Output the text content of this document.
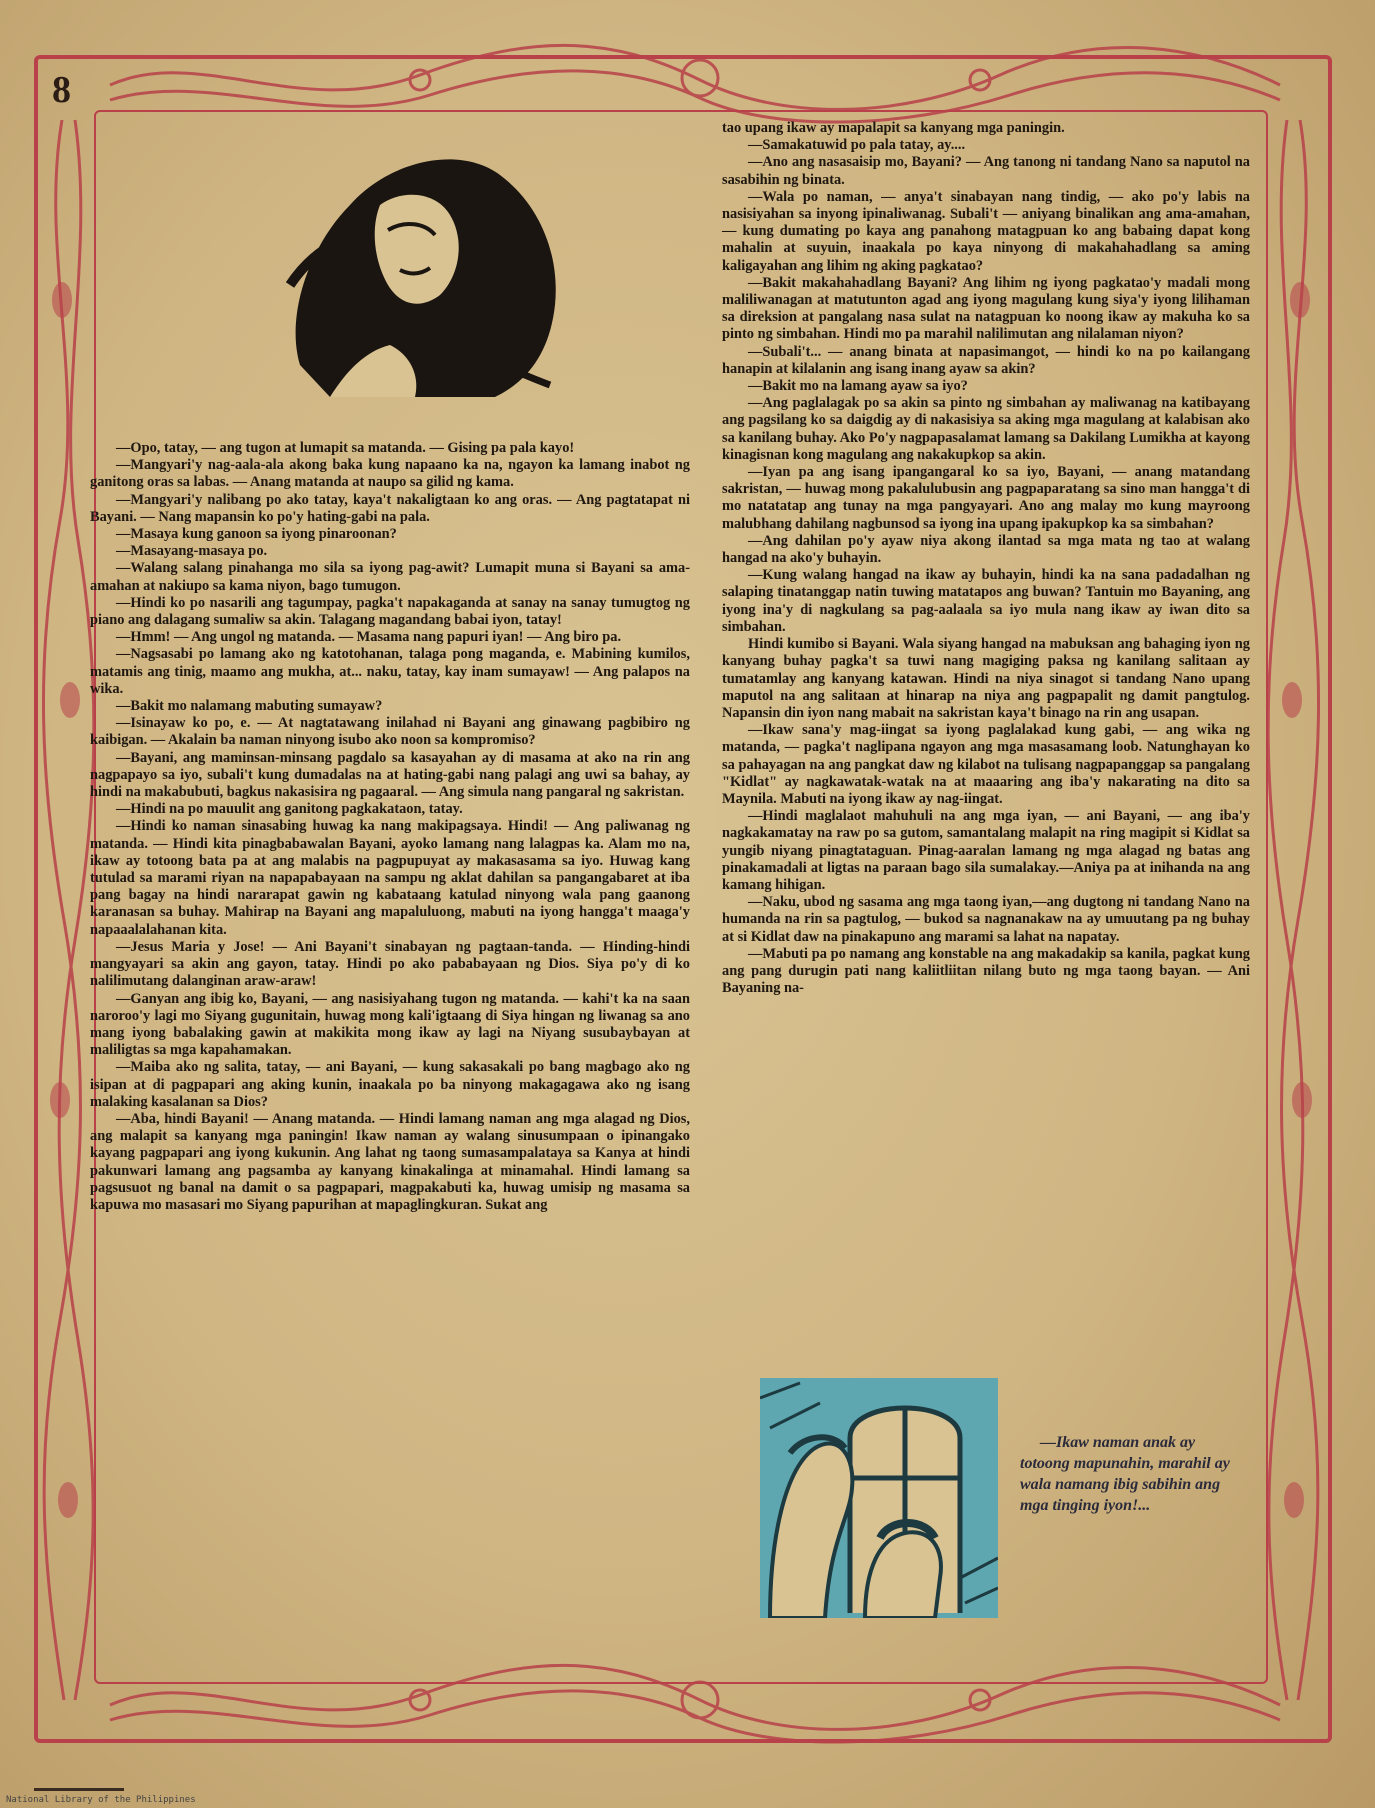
8

—Opo, tatay, — ang tugon at lumapit sa matanda. — Gising pa pala kayo!

—Mangyari'y nag-aala-ala akong baka kung napaano ka na, ngayon ka lamang inabot ng ganitong oras sa labas. — Anang matanda at naupo sa gilid ng kama.

—Mangyari'y nalibang po ako tatay, kaya't nakaligtaan ko ang oras. — Ang pagtatapat ni Bayani. — Nang mapansin ko po'y hating-gabi na pala.

—Masaya kung ganoon sa iyong pinaroonan?

—Masayang-masaya po.

—Walang salang pinahanga mo sila sa iyong pag-awit? Lumapit muna si Bayani sa ama-amahan at nakiupo sa kama niyon, bago tumugon.

—Hindi ko po nasarili ang tagumpay, pagka't napakaganda at sanay na sanay tumugtog ng piano ang dalagang sumaliw sa akin. Talagang magandang babai iyon, tatay!

—Hmm! — Ang ungol ng matanda. — Masama nang papuri iyan! — Ang biro pa.

—Nagsasabi po lamang ako ng katotohanan, talaga pong maganda, e. Mabining kumilos, matamis ang tinig, maamo ang mukha, at... naku, tatay, kay inam sumayaw! — Ang palapos na wika.

—Bakit mo nalamang mabuting sumayaw?

—Isinayaw ko po, e. — At nagtatawang inilahad ni Bayani ang ginawang pagbibiro ng kaibigan. — Akalain ba naman ninyong isubo ako noon sa kompromiso?

—Bayani, ang maminsan-minsang pagdalo sa kasayahan ay di masama at ako na rin ang nagpapayo sa iyo, subali't kung dumadalas na at hating-gabi nang palagi ang uwi sa bahay, ay hindi na makabubuti, bagkus nakasisira ng pagaaral. — Ang simula nang pangaral ng sakristan.

—Hindi na po mauulit ang ganitong pagkakataon, tatay.

—Hindi ko naman sinasabing huwag ka nang makipagsaya. Hindi! — Ang paliwanag ng matanda. — Hindi kita pinagbabawalan Bayani, ayoko lamang nang lalagpas ka. Alam mo na, ikaw ay totoong bata pa at ang malabis na pagpupuyat ay makasasama sa iyo. Huwag kang tutulad sa marami riyan na napapabayaan na sampu ng aklat dahilan sa pangangabaret at iba pang bagay na hindi nararapat gawin ng kabataang katulad ninyong wala pang gaanong karanasan sa buhay. Mahirap na Bayani ang mapaluluong, mabuti na iyong hangga't maaga'y napaaalalahanan kita.

—Jesus Maria y Jose! — Ani Bayani't sinabayan ng pagtaan-tanda. — Hinding-hindi mangyayari sa akin ang gayon, tatay. Hindi po ako pababayaan ng Dios. Siya po'y di ko nalilimutang dalanginan araw-araw!

—Ganyan ang ibig ko, Bayani, — ang nasisiyahang tugon ng matanda. — kahi't ka na saan naroroo'y lagi mo Siyang gugunitain, huwag mong kali'igtaang di Siya hingan ng liwanag sa ano mang iyong babalaking gawin at makikita mong ikaw ay lagi na Niyang susubaybayan at maliligtas sa mga kapahamakan.

—Maiba ako ng salita, tatay, — ani Bayani, — kung sakasakali po bang magbago ako ng isipan at di pagpapari ang aking kunin, inaakala po ba ninyong makagagawa ako ng isang malaking kasalanan sa Dios?

—Aba, hindi Bayani! — Anang matanda. — Hindi lamang naman ang mga alagad ng Dios, ang malapit sa kanyang mga paningin! Ikaw naman ay walang sinusumpaan o ipinangako kayang pagpapari ang iyong kukunin. Ang lahat ng taong sumasampalataya sa Kanya at hindi pakunwari lamang ang pagsamba ay kanyang kinakalinga at minamahal. Hindi lamang sa pagsusuot ng banal na damit o sa pagpapari, magpakabuti ka, huwag umisip ng masama sa kapuwa mo masasari mo Siyang papurihan at mapaglingkuran. Sukat ang

tao upang ikaw ay mapalapit sa kanyang mga paningin.

—Samakatuwid po pala tatay, ay....

—Ano ang nasasaisip mo, Bayani? — Ang tanong ni tandang Nano sa naputol na sasabihin ng binata.

—Wala po naman, — anya't sinabayan nang tindig, — ako po'y labis na nasisiyahan sa inyong ipinaliwanag. Subali't — aniyang binalikan ang ama-amahan, — kung dumating po kaya ang panahong matagpuan ko ang babaing dapat kong mahalin at suyuin, inaakala po kaya ninyong di makahahadlang sa aming kaligayahan ang lihim ng aking pagkatao?

—Bakit makahahadlang Bayani? Ang lihim ng iyong pagkatao'y madali mong maliliwanagan at matutunton agad ang iyong magulang kung siya'y iyong lilihaman sa direksion at pangalang nasa sulat na natagpuan ko noong ikaw ay makuha ko sa pinto ng simbahan. Hindi mo pa marahil nalilimutan ang nilalaman niyon?

—Subali't... — anang binata at napasimangot, — hindi ko na po kailangang hanapin at kilalanin ang isang inang ayaw sa akin?

—Bakit mo na lamang ayaw sa iyo?

—Ang paglalagak po sa akin sa pinto ng simbahan ay maliwanag na katibayang ang pagsilang ko sa daigdig ay di nakasisiya sa aking mga magulang at kalabisan ako sa kanilang buhay. Ako Po'y nagpapasalamat lamang sa Dakilang Lumikha at kayong kinagisnan kong magulang ang nakakupkop sa akin.

—Iyan pa ang isang ipangangaral ko sa iyo, Bayani, — anang matandang sakristan, — huwag mong pakalulubusin ang pagpaparatang sa sino man hangga't di mo natatatap ang tunay na mga pangyayari. Ano ang malay mo kung mayroong malubhang dahilang nagbunsod sa iyong ina upang ipakupkop ka sa simbahan?

—Ang dahilan po'y ayaw niya akong ilantad sa mga mata ng tao at walang hangad na ako'y buhayin.

—Kung walang hangad na ikaw ay buhayin, hindi ka na sana padadalhan ng salaping tinatanggap natin tuwing matatapos ang buwan? Tantuin mo Bayaning, ang iyong ina'y di nagkulang sa pag-aalaala sa iyo mula nang ikaw ay iwan dito sa simbahan.

Hindi kumibo si Bayani. Wala siyang hangad na mabuksan ang bahaging iyon ng kanyang buhay pagka't sa tuwi nang magiging paksa ng kanilang salitaan ay tumatamlay ang kanyang katawan. Hindi na niya sinagot si tandang Nano upang maputol na ang salitaan at hinarap na niya ang pagpapalit ng damit pangtulog. Napansin din iyon nang mabait na sakristan kaya't binago na rin ang usapan.

—Ikaw sana'y mag-iingat sa iyong paglalakad kung gabi, — ang wika ng matanda, — pagka't naglipana ngayon ang mga masasamang loob. Natunghayan ko sa pahayagan na ang pangkat daw ng kilabot na tulisang nagpapanggap sa pangalang "Kidlat" ay nagkawatak-watak na at maaaring ang iba'y nakarating na dito sa Maynila. Mabuti na iyong ikaw ay nag-iingat.

—Hindi maglalaot mahuhuli na ang mga iyan, — ani Bayani, — ang iba'y nagkakamatay na raw po sa gutom, samantalang malapit na ring magipit si Kidlat sa yungib niyang pinagtataguan. Pinag-aaralan lamang ng mga alagad ng batas ang pinakamadali at ligtas na paraan bago sila sumalakay.—Aniya pa at inihanda na ang kamang hihigan.

—Naku, ubod ng sasama ang mga taong iyan,—ang dugtong ni tandang Nano na humanda na rin sa pagtulog, — bukod sa nagnanakaw na ay umuutang pa ng buhay at si Kidlat daw na pinakapuno ang marami sa lahat na napatay.

—Mabuti pa po namang ang konstable na ang makadakip sa kanila, pagkat kung ang pang durugin pati nang kaliitliitan nilang buto ng mga taong bayan. — Ani Bayaning na-

—Ikaw naman anak ay totoong mapunahin, marahil ay wala namang ibig sabihin ang mga tinging iyon!...

National Library of the Philippines
